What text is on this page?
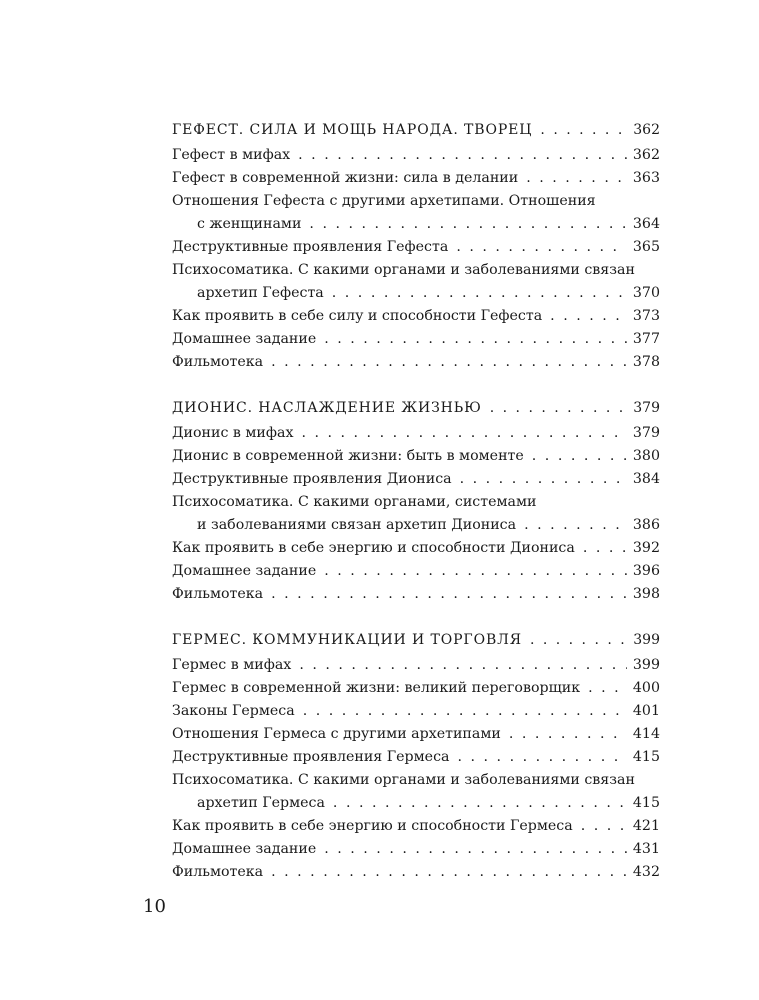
ГЕФЕСТ. СИЛА И МОЩЬ НАРОДА. ТВОРЕЦ
. . .	362
Гефест в мифах
. . .	362
Гефест в современной жизни: сила в делании
. . .	363
Отношения Гефеста с другими архетипами. Отношения
с женщинами
. . .	364
Деструктивные проявления Гефеста
. . .	365
Психосоматика. С какими органами и заболеваниями связан
архетип Гефеста
. . .	370
Как проявить в себе силу и способности Гефеста
. . .	373
Домашнее задание
. . .	377
Фильмотека
. . .	378
ДИОНИС. НАСЛАЖДЕНИЕ ЖИЗНЬЮ
. . .	379
Дионис в мифах
. . .	379
Дионис в современной жизни: быть в моменте
. . .	380
Деструктивные проявления Диониса
. . .	384
Психосоматика. С какими органами, системами
и заболеваниями связан архетип Диониса
. . .	386
Как проявить в себе энергию и способности Диониса
. . .	392
Домашнее задание
. . .	396
Фильмотека
. . .	398
ГЕРМЕС. КОММУНИКАЦИИ И ТОРГОВЛЯ
. . .	399
Гермес в мифах
. . .	399
Гермес в современной жизни: великий переговорщик
. . .	400
Законы Гермеса
. . .	401
Отношения Гермеса с другими архетипами
. . .	414
Деструктивные проявления Гермеса
. . .	415
Психосоматика. С какими органами и заболеваниями связан
архетип Гермеса
. . .	415
Как проявить в себе энергию и способности Гермеса
. . .	421
Домашнее задание
. . .	431
Фильмотека
. . .	432
10
